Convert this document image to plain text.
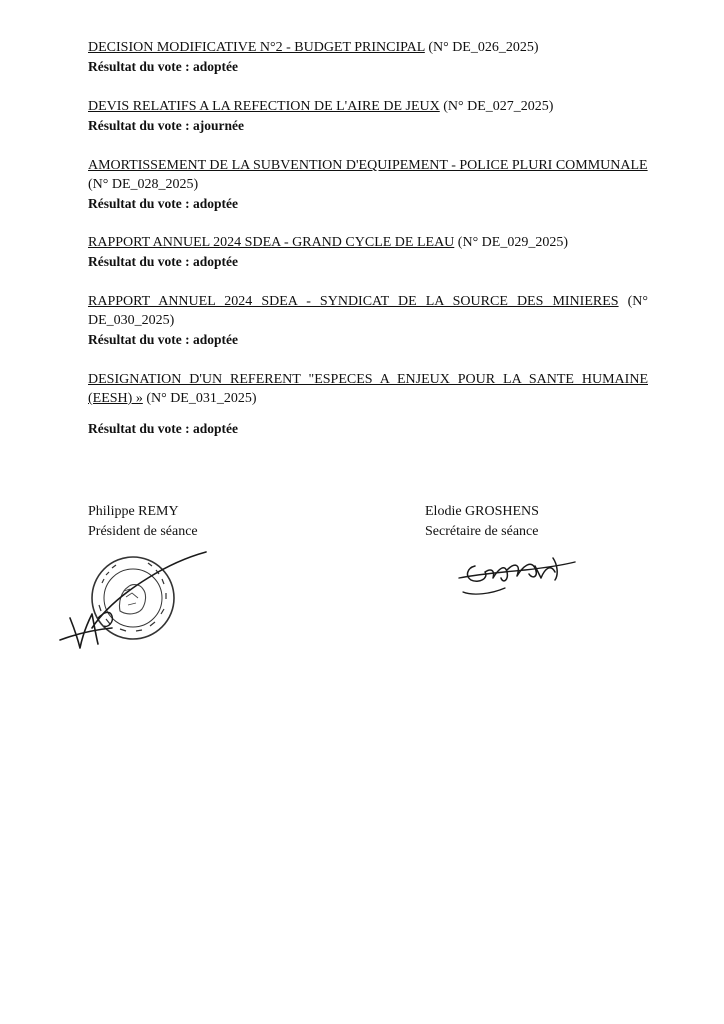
DECISION MODIFICATIVE N°2 - BUDGET PRINCIPAL (N° DE_026_2025)
Résultat du vote : adoptée
DEVIS RELATIFS A LA REFECTION DE L'AIRE DE JEUX (N° DE_027_2025)
Résultat du vote : ajournée
AMORTISSEMENT DE LA SUBVENTION D'EQUIPEMENT - POLICE PLURI COMMUNALE
(N° DE_028_2025)
Résultat du vote : adoptée
RAPPORT ANNUEL 2024 SDEA - GRAND CYCLE DE LEAU (N° DE_029_2025)
Résultat du vote : adoptée
RAPPORT ANNUEL 2024 SDEA - SYNDICAT DE LA SOURCE DES MINIERES (N° DE_030_2025)
Résultat du vote : adoptée
DESIGNATION D'UN REFERENT "ESPECES A ENJEUX POUR LA SANTE HUMAINE (EESH) » (N° DE_031_2025)
Résultat du vote : adoptée
Philippe REMY
Président de séance
Elodie GROSHENS
Secrétaire de séance
